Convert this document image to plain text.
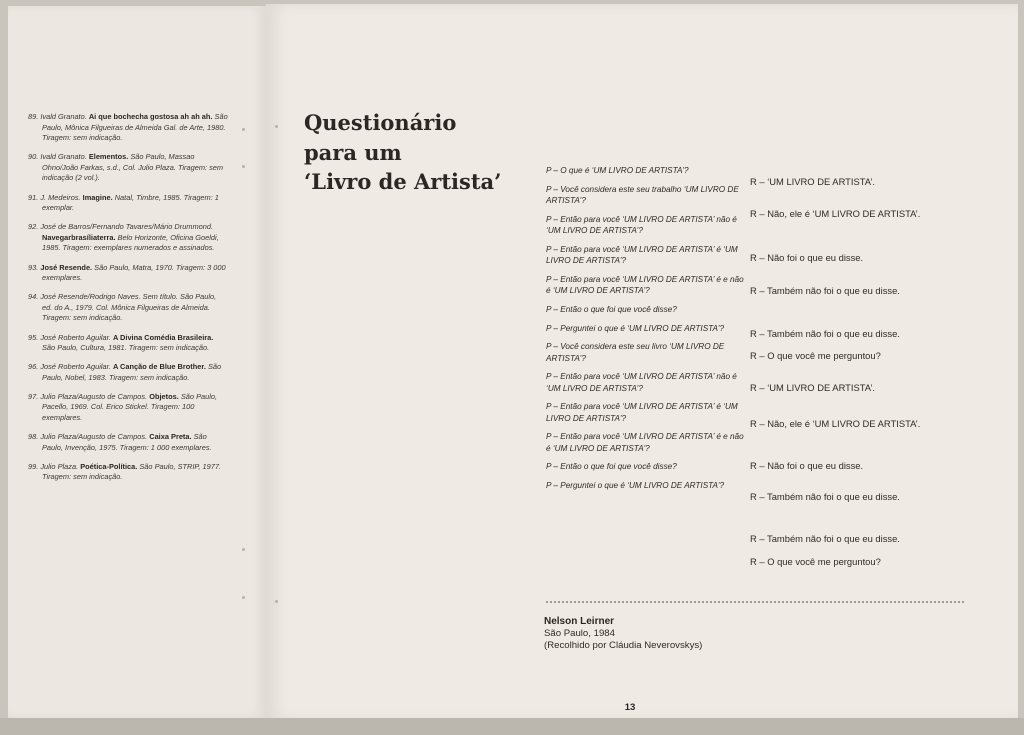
89. Ivald Granato. Ai que bochecha gostosa ah ah ah. São Paulo, Mônica Filgueiras de Almeida Gal. de Arte, 1980. Tiragem: sem indicação.
90. Ivald Granato. Elementos. São Paulo, Massao Ohno/João Farkas, s.d., Col. Julio Plaza. Tiragem: sem indicação (2 vol.).
91. J. Medeiros. Imagine. Natal, Timbre, 1985. Tiragem: 1 exemplar.
92. José de Barros/Fernando Tavares/Mário Drummond. Navegarbrasíliaterra. Belo Horizonte, Oficina Goeldi, 1985. Tiragem: exemplares numerados e assinados.
93. José Resende. São Paulo, Matra, 1970. Tiragem: 3 000 exemplares.
94. José Resende/Rodrigo Naves. Sem título. São Paulo, ed. do A., 1979. Col. Mônica Filgueiras de Almeida. Tiragem: sem indicação.
95. José Roberto Aguilar. A Divina Comédia Brasileira. São Paulo, Cultura, 1981. Tiragem: sem indicação.
96. José Roberto Aguilar. A Canção de Blue Brother. São Paulo, Nobel, 1983. Tiragem: sem indicação.
97. Julio Plaza/Augusto de Campos. Objetos. São Paulo, Pacello, 1969. Col. Erico Stickel. Tiragem: 100 exemplares.
98. Julio Plaza/Augusto de Campos. Caixa Preta. São Paulo, Invenção, 1975. Tiragem: 1 000 exemplares.
99. Julio Plaza. Poética-Política. São Paulo, STRIP, 1977. Tiragem: sem indicação.
Questionário
para um
‘Livro de Artista’	P – O que é ‘UM LIVRO DE ARTISTA’?
P – Você considera este seu trabalho ‘UM LIVRO DE ARTISTA’?
P – Então para você ‘UM LIVRO DE ARTISTA’ não é ‘UM LIVRO DE ARTISTA’?
P – Então para você ‘UM LIVRO DE ARTISTA’ é ‘UM LIVRO DE ARTISTA’?
P – Então para você ‘UM LIVRO DE ARTISTA’ é e não é ‘UM LIVRO DE ARTISTA’?
P – Então o que foi que você disse?
P – Perguntei o que é ‘UM LIVRO DE ARTISTA’?
P – Você considera este seu livro ‘UM LIVRO DE ARTISTA’?
P – Então para você ‘UM LIVRO DE ARTISTA’ não é ‘UM LIVRO DE ARTISTA’?
P – Então para você ‘UM LIVRO DE ARTISTA’ é ‘UM LIVRO DE ARTISTA’?
P – Então para você ‘UM LIVRO DE ARTISTA’ é e não é ‘UM LIVRO DE ARTISTA’?
P – Então o que foi que você disse?
P – Perguntei o que é ‘UM LIVRO DE ARTISTA’?
R – ‘UM LIVRO DE ARTISTA’.
R – Não, ele é ‘UM LIVRO DE ARTISTA’.
R – Não foi o que eu disse.
R – Também não foi o que eu disse.
R – Também não foi o que eu disse.
R – O que você me perguntou?
R – ‘UM LIVRO DE ARTISTA’.
R – Não, ele é ‘UM LIVRO DE ARTISTA’.
R – Não foi o que eu disse.
R – Também não foi o que eu disse.
R – Também não foi o que eu disse.
R – O que você me perguntou?
Nelson Leirner
São Paulo, 1984
(Recolhido por Cláudia Neverovskys)
13
